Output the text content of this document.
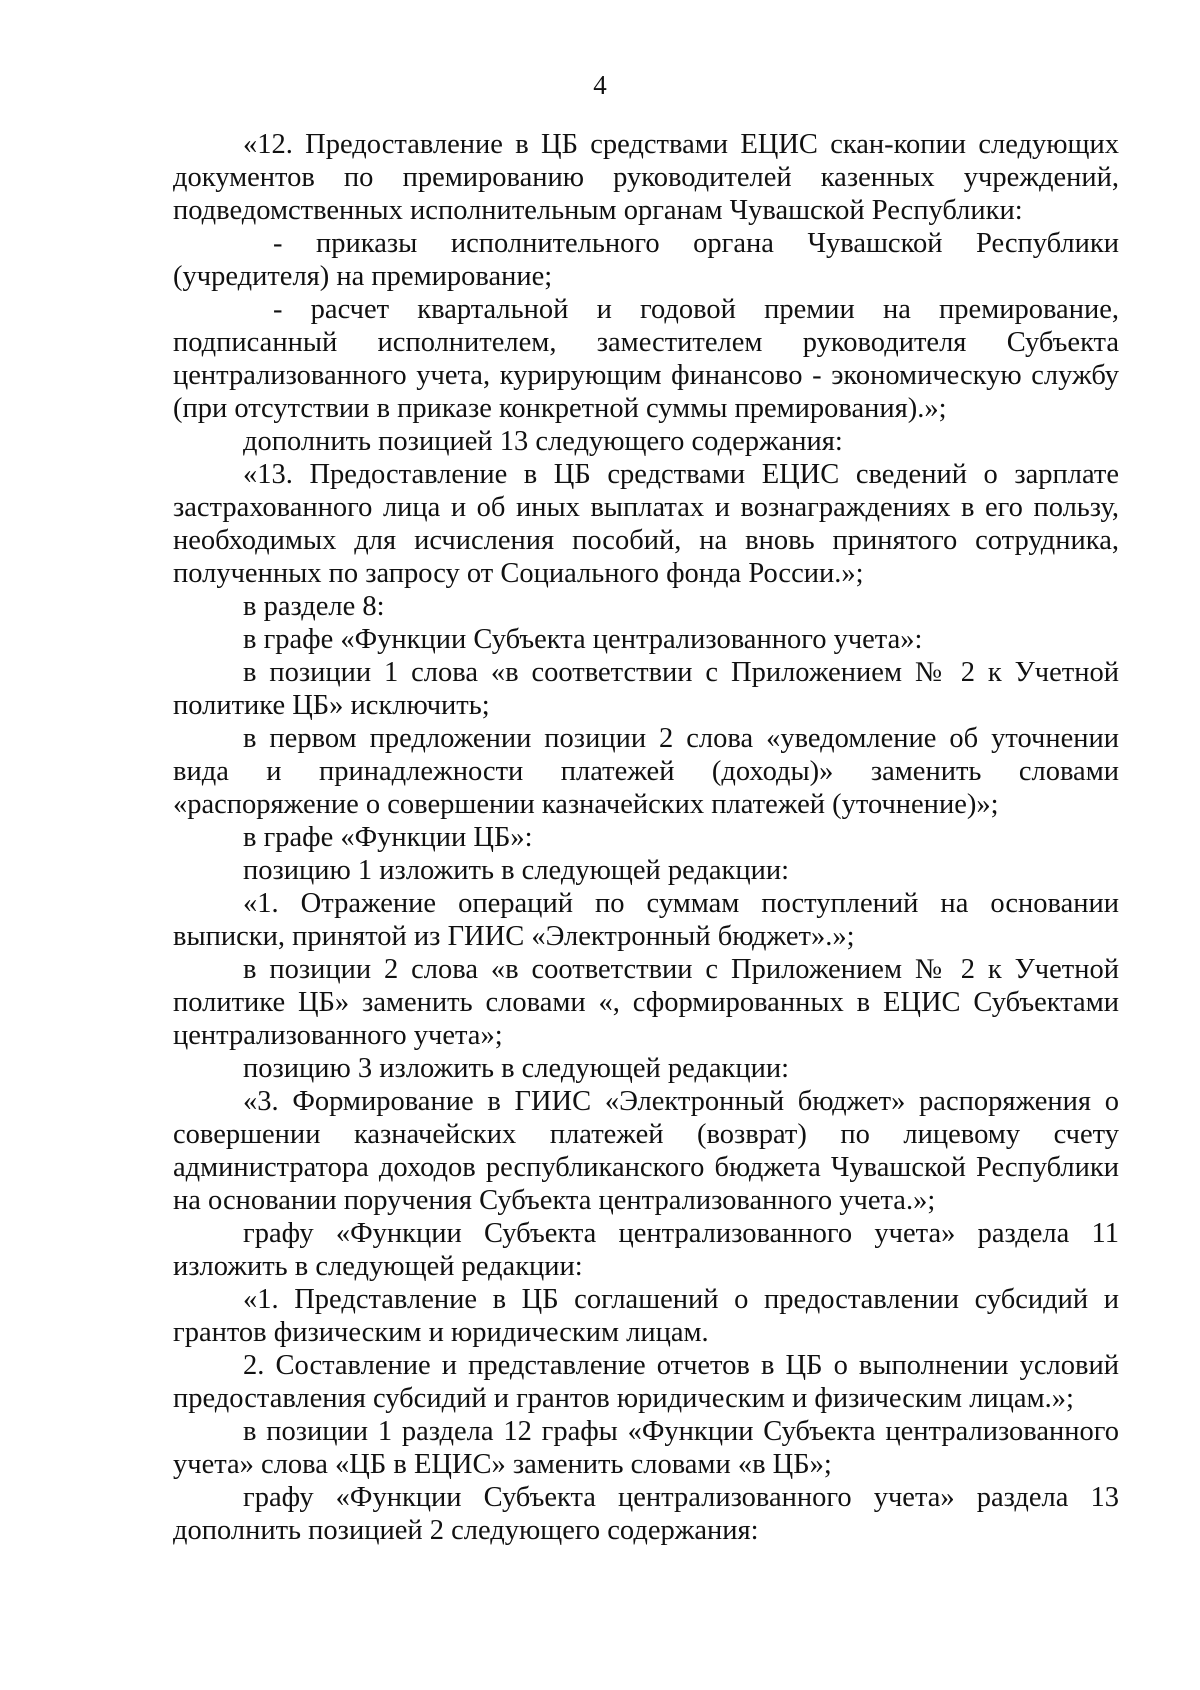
4

«12. Предоставление в ЦБ средствами ЕЦИС скан-копии следующих документов по премированию руководителей казенных учреждений, подведомственных исполнительным органам Чувашской Республики:

- приказы исполнительного органа Чувашской Республики (учредителя) на премирование;

- расчет квартальной и годовой премии на премирование, подписанный исполнителем, заместителем руководителя Субъекта централизованного учета, курирующим финансово - экономическую службу (при отсутствии в приказе конкретной суммы премирования).»;

дополнить позицией 13 следующего содержания:

«13. Предоставление в ЦБ средствами ЕЦИС сведений о зарплате застрахованного лица и об иных выплатах и вознаграждениях в его пользу, необходимых для исчисления пособий, на вновь принятого сотрудника, полученных по запросу от Социального фонда России.»;

в разделе 8:

в графе «Функции Субъекта централизованного учета»:

в позиции 1 слова «в соответствии с Приложением № 2 к Учетной политике ЦБ» исключить;

в первом предложении позиции 2 слова «уведомление об уточнении вида и принадлежности платежей (доходы)» заменить словами «распоряжение о совершении казначейских платежей (уточнение)»;

в графе «Функции ЦБ»:

позицию 1 изложить в следующей редакции:

«1. Отражение операций по суммам поступлений на основании выписки, принятой из ГИИС «Электронный бюджет».»;

в позиции 2 слова «в соответствии с Приложением № 2 к Учетной политике ЦБ» заменить словами «, сформированных в ЕЦИС Субъектами централизованного учета»;

позицию 3 изложить в следующей редакции:

«3. Формирование в ГИИС «Электронный бюджет» распоряжения о совершении казначейских платежей (возврат) по лицевому счету администратора доходов республиканского бюджета Чувашской Республики на основании поручения Субъекта централизованного учета.»;

графу «Функции Субъекта централизованного учета» раздела 11 изложить в следующей редакции:

«1. Представление в ЦБ соглашений о предоставлении субсидий и грантов физическим и юридическим лицам.

2. Составление и представление отчетов в ЦБ о выполнении условий предоставления субсидий и грантов юридическим и физическим лицам.»;

в позиции 1 раздела 12 графы «Функции Субъекта централизованного учета» слова «ЦБ в ЕЦИС» заменить словами «в ЦБ»;

графу «Функции Субъекта централизованного учета» раздела 13 дополнить позицией 2 следующего содержания:
